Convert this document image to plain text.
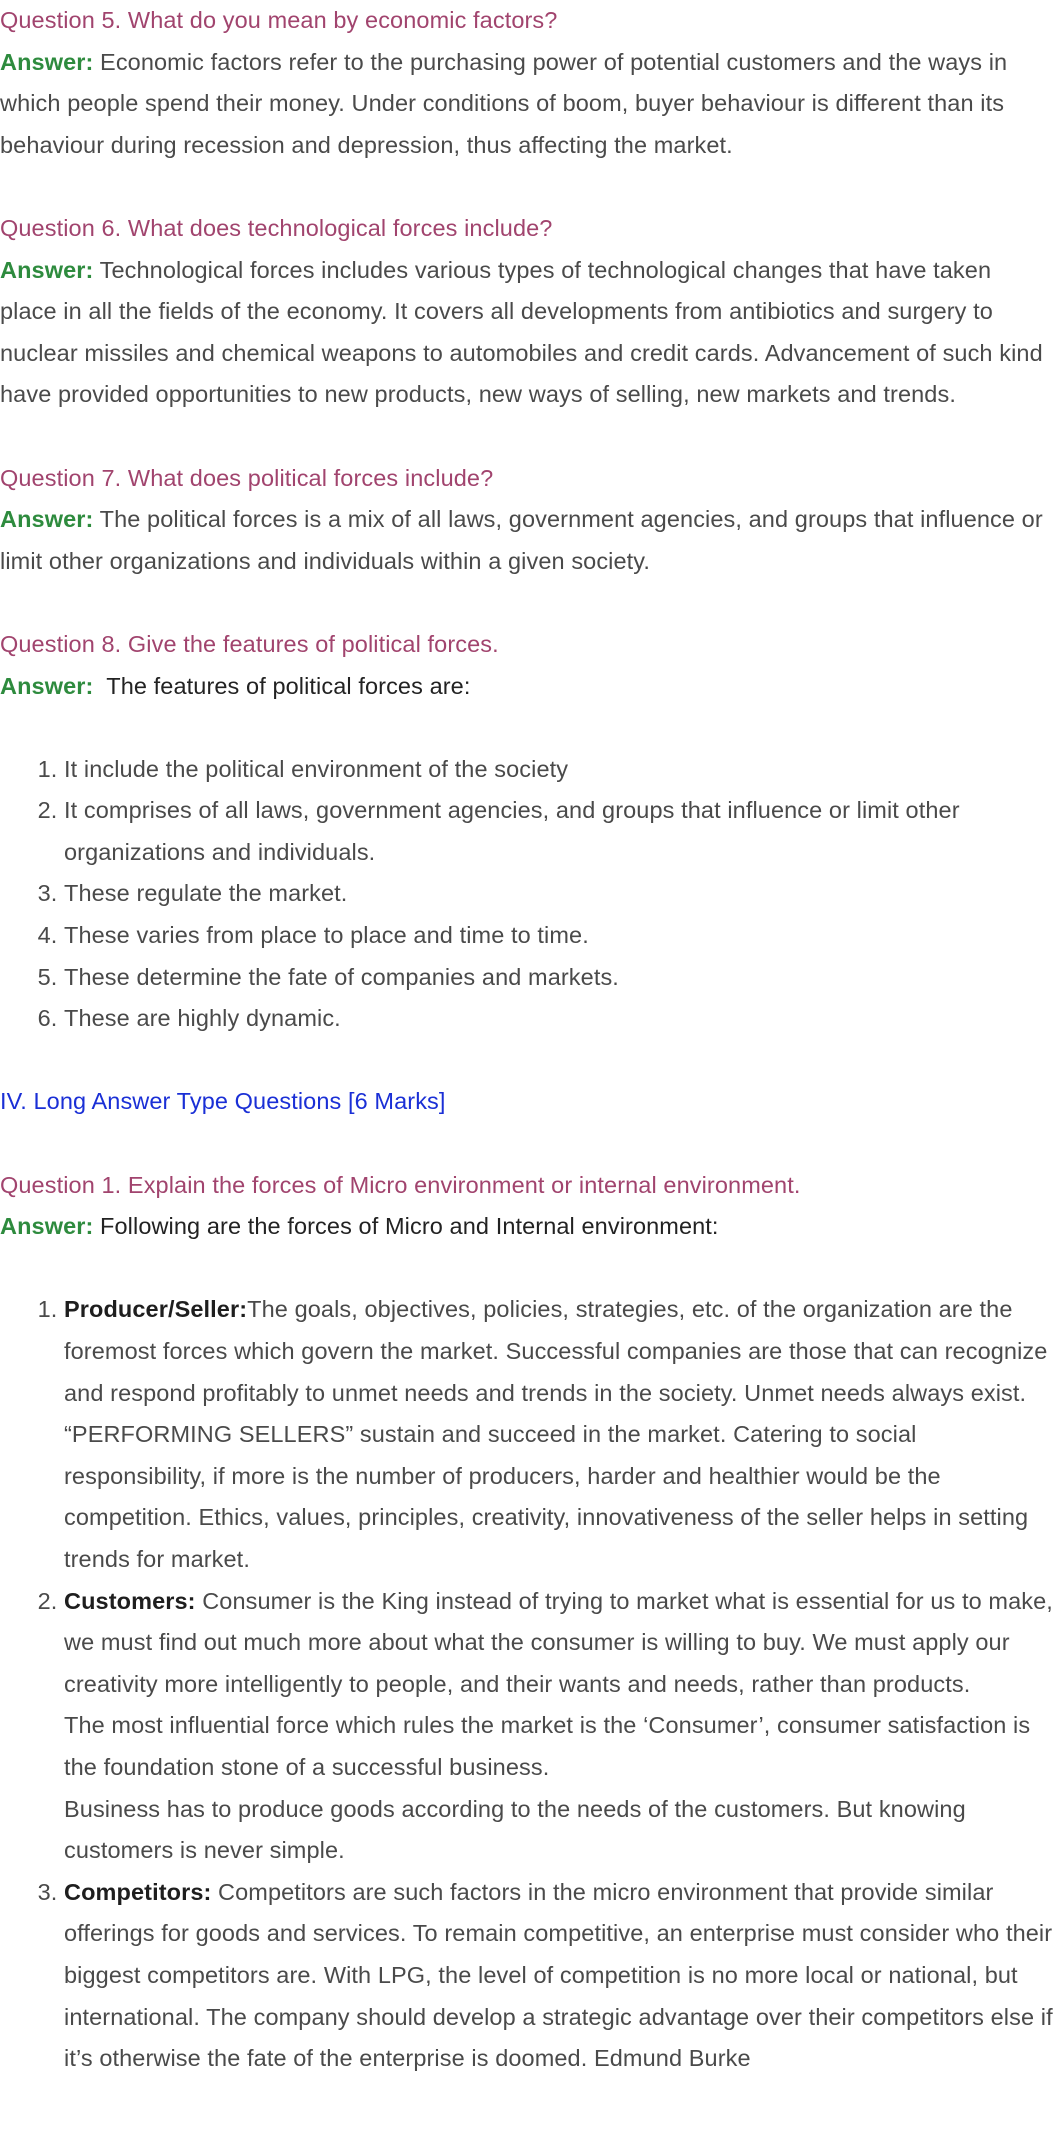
Question 5. What do you mean by economic factors?

Answer: Economic factors refer to the purchasing power of potential customers and the ways in which people spend their money. Under conditions of boom, buyer behaviour is different than its behaviour during recession and depression, thus affecting the market.

Question 6. What does technological forces include?

Answer: Technological forces includes various types of technological changes that have taken place in all the fields of the economy. It covers all developments from antibiotics and surgery to nuclear missiles and chemical weapons to automobiles and credit cards. Advancement of such kind have provided opportunities to new products, new ways of selling, new markets and trends.

Question 7. What does political forces include?

Answer: The political forces is a mix of all laws, government agencies, and groups that influence or limit other organizations and individuals within a given society.

Question 8. Give the features of political forces.

Answer:  The features of political forces are:

1. It include the political environment of the society
2. It comprises of all laws, government agencies, and groups that influence or limit other organizations and individuals.
3. These regulate the market.
4. These varies from place to place and time to time.
5. These determine the fate of companies and markets.
6. These are highly dynamic.

IV. Long Answer Type Questions [6 Marks]

Question 1. Explain the forces of Micro environment or internal environment.

Answer: Following are the forces of Micro and Internal environment:

1. Producer/Seller:The goals, objectives, policies, strategies, etc. of the organization are the foremost forces which govern the market. Successful companies are those that can recognize and respond profitably to unmet needs and trends in the society. Unmet needs always exist. “PERFORMING SELLERS” sustain and succeed in the market. Catering to social responsibility, if more is the number of producers, harder and healthier would be the competition. Ethics, values, principles, creativity, innovativeness of the seller helps in setting trends for market.
2. Customers: Consumer is the King instead of trying to market what is essential for us to make, we must find out much more about what the consumer is willing to buy. We must apply our creativity more intelligently to people, and their wants and needs, rather than products.
The most influential force which rules the market is the ‘Consumer’, consumer satisfaction is the foundation stone of a successful business.
Business has to produce goods according to the needs of the customers. But knowing customers is never simple.
3. Competitors: Competitors are such factors in the micro environment that provide similar offerings for goods and services. To remain competitive, an enterprise must consider who their biggest competitors are. With LPG, the level of competition is no more local or national, but international. The company should develop a strategic advantage over their competitors else if it’s otherwise the fate of the enterprise is doomed. Edmund Burke
